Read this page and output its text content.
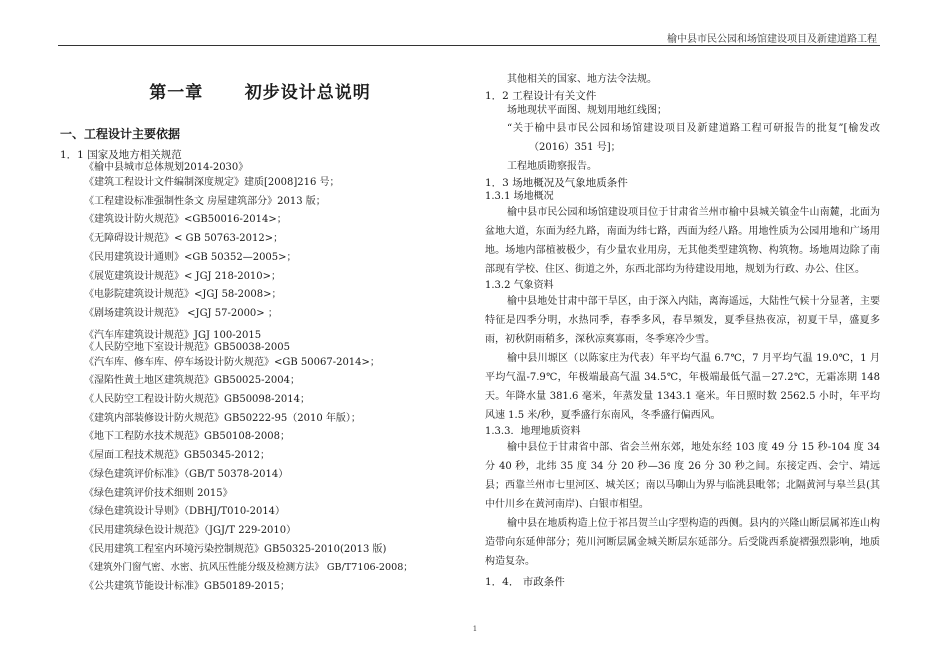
榆中县市民公园和场馆建设项目及新建道路工程
第一章 初步设计总说明
一、工程设计主要依据
1．1 国家及地方相关规范
《榆中县城市总体规划2014-2030》
《建筑工程设计文件编制深度规定》建质[2008]216 号；
《工程建设标准强制性条文 房屋建筑部分》2013 版；
《建筑设计防火规范》<GB50016-2014>；
《无障碍设计规范》< GB 50763-2012>；
《民用建筑设计通则》<GB 50352—2005>；
《展览建筑设计规范》< JGJ 218-2010>；
《电影院建筑设计规范》<JGJ 58-2008>；
《剧场建筑设计规范》 <JGJ 57-2000> ；
《汽车库建筑设计规范》JGJ 100-2015
《人民防空地下室设计规范》GB50038-2005
《汽车库、修车库、停车场设计防火规范》<GB 50067-2014>；
《湿陷性黄土地区建筑规范》GB50025-2004；
《人民防空工程设计防火规范》GB50098-2014；
《建筑内部装修设计防火规范》GB50222-95（2010 年版）；
《地下工程防水技术规范》GB50108-2008；
《屋面工程技术规范》GB50345-2012；
《绿色建筑评价标准》（GB/T 50378-2014）
《绿色建筑评价技术细则 2015》
《绿色建筑设计导则》（DBHJ/T010-2014）
《民用建筑绿色设计规范》（JGJ/T 229-2010）
《民用建筑工程室内环境污染控制规范》GB50325-2010(2013 版)
《建筑外门窗气密、水密、抗风压性能分级及检测方法》 GB/T7106-2008；
《公共建筑节能设计标准》GB50189-2015；

其他相关的国家、地方法令法规。

1．2 工程设计有关文件

场地现状平面图、规划用地红线图；

“关于榆中县市民公园和场馆建设项目及新建道路工程可研报告的批复”[榆发改（2016）351 号]；

工程地质勘察报告。

1．3 场地概况及气象地质条件

1.3.1 场地概况

榆中县市民公园和场馆建设项目位于甘肃省兰州市榆中县城关镇金牛山南麓，北面为盆地大道，东面为经九路，南面为纬七路，西面为经八路。用地性质为公园用地和广场用地。场地内部植被极少，有少量农业用房，无其他类型建筑物、构筑物。场地周边除了南部现有学校、住区、街道之外，东西北部均为待建设用地，规划为行政、办公、住区。

1.3.2 气象资料

榆中县地处甘肃中部干旱区，由于深入内陆，离海遥远，大陆性气候十分显著，主要特征是四季分明，水热同季，春季多风，春旱频发，夏季昼热夜凉，初夏干旱，盛夏多雨，初秋阴雨稍多，深秋凉爽寡雨，冬季寒冷少雪。

榆中县川塬区（以陈家庄为代表）年平均气温 6.7℃，7 月平均气温 19.0℃，1 月平均气温-7.9℃，年极端最高气温 34.5℃，年极端最低气温－27.2℃，无霜冻期 148 天。年降水量 381.6 毫米，年蒸发量 1343.1 毫米。年日照时数 2562.5 小时，年平均风速 1.5 米/秒，夏季盛行东南风，冬季盛行偏西风。

1.3.3．地理地质资料

榆中县位于甘肃省中部、省会兰州东郊，地处东经 103 度 49 分 15 秒-104 度 34 分 40 秒，北纬 35 度 34 分 20 秒—36 度 26 分 30 秒之间。东接定西、会宁、靖远县；西靠兰州市七里河区、城关区；南以马啣山为界与临洮县毗邻；北隔黄河与皋兰县(其中什川乡在黄河南岸)、白银市相望。

榆中县在地质构造上位于祁吕贺兰山字型构造的西侧。县内的兴隆山断层属祁连山构造带向东延伸部分；苑川河断层属金城关断层东延部分。后受陇西系旋褶强烈影响，地质构造复杂。

1．4． 市政条件

1
